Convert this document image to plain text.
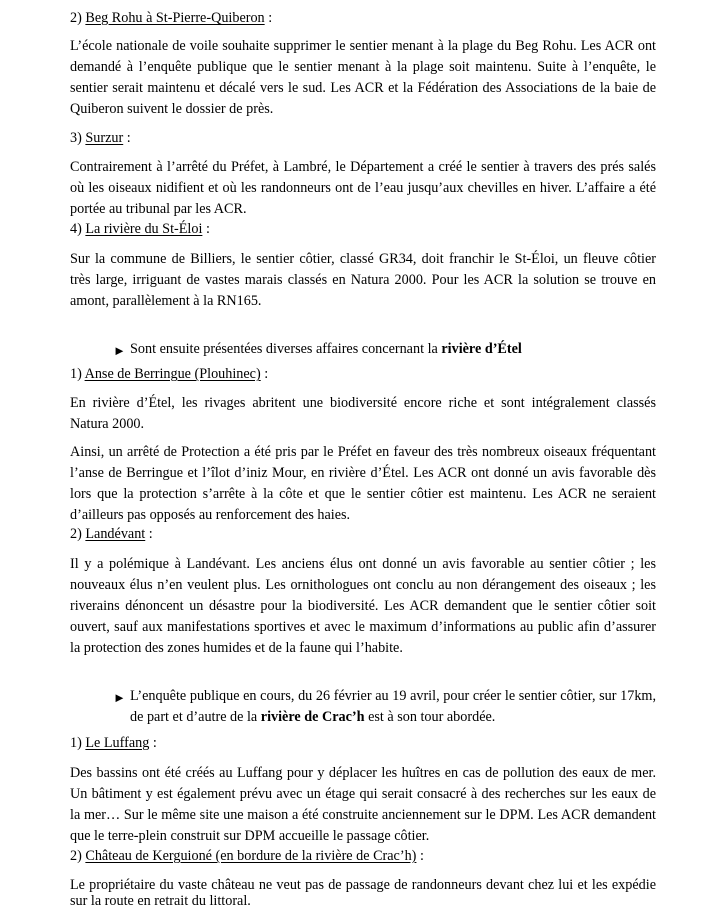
2) Beg Rohu à St-Pierre-Quiberon :
L’école nationale de voile souhaite supprimer le sentier menant à la plage du Beg Rohu. Les ACR ont
demandé à l’enquête publique que le sentier menant à la plage soit maintenu. Suite à l’enquête, le
sentier serait maintenu et décalé vers le sud. Les ACR et la Fédération des Associations de la baie de
Quiberon suivent le dossier de près.
3) Surzur :
Contrairement à l’arrêté du Préfet, à Lambré, le Département a créé le sentier à travers des prés salés
où les oiseaux nidifient et où les randonneurs ont de l’eau jusqu’aux chevilles en hiver. L’affaire a été
portée au tribunal par les ACR.
4) La rivière du St-Éloi :
Sur la commune de Billiers, le sentier côtier, classé GR34, doit franchir le St-Éloi, un fleuve côtier
très large, irriguant de vastes marais classés en Natura 2000. Pour les ACR la solution se trouve en
amont, parallèlement à la RN165.
► Sont ensuite présentées diverses affaires concernant la rivière d’Étel
1) Anse de Berringue (Plouhinec) :
En rivière d’Étel, les rivages abritent une biodiversité encore riche et sont intégralement classés
Natura 2000.
Ainsi, un arrêté de Protection a été pris par le Préfet en faveur des très nombreux oiseaux fréquentant
l’anse de Berringue et l’îlot d’iniz Mour, en rivière d’Étel. Les ACR ont donné un avis favorable dès
lors que la protection s’arrête à la côte et que le sentier côtier est maintenu. Les ACR ne seraient
d’ailleurs pas opposés au renforcement des haies.
2) Landévant :
Il y a polémique à Landévant. Les anciens élus ont donné un avis favorable au sentier côtier ; les
nouveaux élus n’en veulent plus. Les ornithologues ont conclu au non dérangement des oiseaux ; les
riverains dénoncent un désastre pour la biodiversité. Les ACR demandent que le sentier côtier soit
ouvert, sauf aux manifestations sportives et avec le maximum d’informations au public afin d’assurer
la protection des zones humides et de la faune qui l’habite.
► L’enquête publique en cours, du 26 février au 19 avril, pour créer le sentier côtier, sur 17km,
de part et d’autre de la rivière de Crac’h est à son tour abordée.
1) Le Luffang :
Des bassins ont été créés au Luffang pour y déplacer les huîtres en cas de pollution des eaux de mer.
Un bâtiment y est également prévu avec un étage qui serait consacré à des recherches sur les eaux de
la mer… Sur le même site une maison a été construite anciennement sur le DPM. Les ACR demandent
que le terre-plein construit sur DPM accueille le passage côtier.
2) Château de Kerguioné (en bordure de la rivière de Crac’h) :
Le propriétaire du vaste château ne veut pas de passage de randonneurs devant chez lui et les expédie
sur la route en retrait du littoral.
